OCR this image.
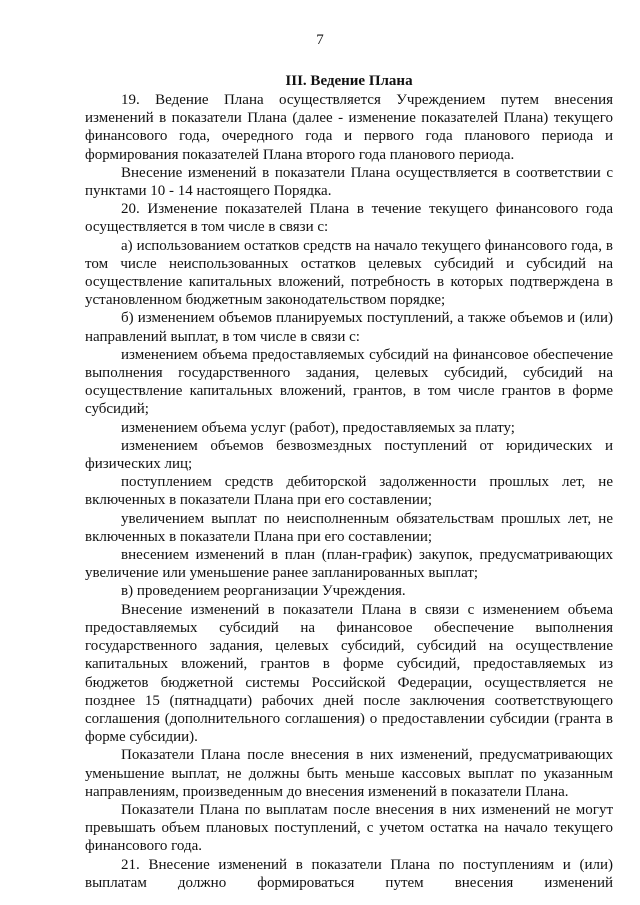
7
III. Ведение Плана

19. Ведение Плана осуществляется Учреждением путем внесения изменений в показатели Плана (далее - изменение показателей Плана) текущего финансового года, очередного года и первого года планового периода и формирования показателей Плана второго года планового периода.

Внесение изменений в показатели Плана осуществляется в соответствии с пунктами 10 - 14 настоящего Порядка.

20. Изменение показателей Плана в течение текущего финансового года осуществляется в том числе в связи с:

а) использованием остатков средств на начало текущего финансового года, в том числе неиспользованных остатков целевых субсидий и субсидий на осуществление капитальных вложений, потребность в которых подтверждена в установленном бюджетным законодательством порядке;

б) изменением объемов планируемых поступлений, а также объемов и (или) направлений выплат, в том числе в связи с:

изменением объема предоставляемых субсидий на финансовое обеспечение выполнения государственного задания, целевых субсидий, субсидий на осуществление капитальных вложений, грантов, в том числе грантов в форме субсидий;

изменением объема услуг (работ), предоставляемых за плату;

изменением объемов безвозмездных поступлений от юридических и физических лиц;

поступлением средств дебиторской задолженности прошлых лет, не включенных в показатели Плана при его составлении;

увеличением выплат по неисполненным обязательствам прошлых лет, не включенных в показатели Плана при его составлении;

внесением изменений в план (план-график) закупок, предусматривающих увеличение или уменьшение ранее запланированных выплат;

в) проведением реорганизации Учреждения.

Внесение изменений в показатели Плана в связи с изменением объема предоставляемых субсидий на финансовое обеспечение выполнения государственного задания, целевых субсидий, субсидий на осуществление капитальных вложений, грантов в форме субсидий, предоставляемых из бюджетов бюджетной системы Российской Федерации, осуществляется не позднее 15 (пятнадцати) рабочих дней после заключения соответствующего соглашения (дополнительного соглашения) о предоставлении субсидии (гранта в форме субсидии).

Показатели Плана после внесения в них изменений, предусматривающих уменьшение выплат, не должны быть меньше кассовых выплат по указанным направлениям, произведенным до внесения изменений в показатели Плана.

Показатели Плана по выплатам после внесения в них изменений не могут превышать объем плановых поступлений, с учетом остатка на начало текущего финансового года.

21. Внесение изменений в показатели Плана по поступлениям и (или) выплатам должно формироваться путем внесения изменений
